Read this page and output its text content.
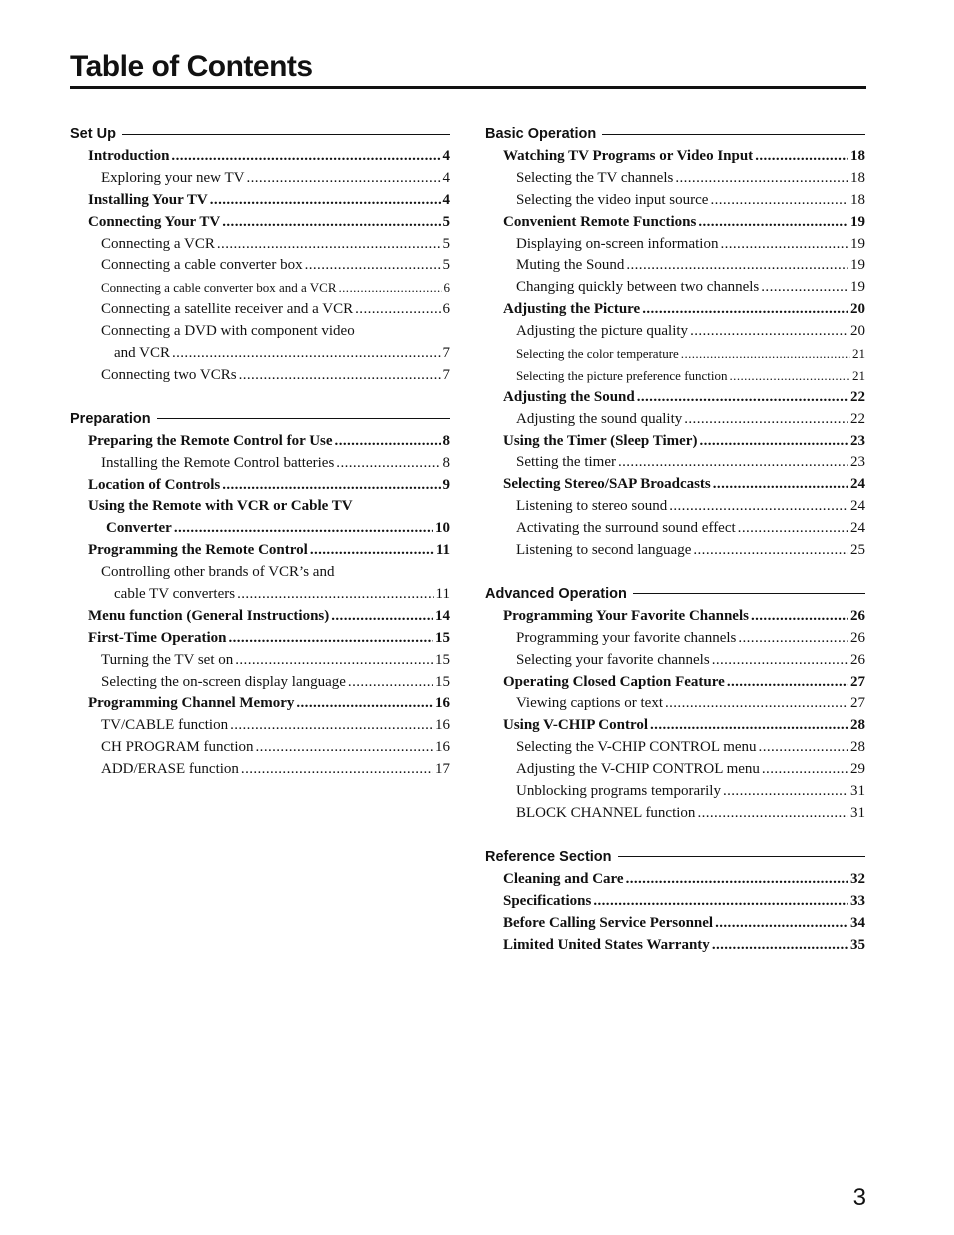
Table of Contents
Set Up
Introduction .....	4
Exploring your new TV .....	4
Installing Your TV .....	4
Connecting Your TV .....	5
Connecting a VCR .....	5
Connecting a cable converter box .....	5
Connecting a cable converter box and a VCR .....	6
Connecting a satellite receiver and a VCR .....	6
Connecting a DVD with component video
and VCR .....	7
Connecting two VCRs .....	7
Preparation
Preparing the Remote Control for Use .....	8
Installing the Remote Control batteries .....	8
Location of Controls .....	9
Using the Remote with VCR or Cable TV
Converter .....	10
Programming the Remote Control .....	11
Controlling other brands of VCR’s and
cable TV converters .....	11
Menu function (General Instructions) .....	14
First-Time Operation .....	15
Turning the TV set on .....	15
Selecting the on-screen display language .....	15
Programming Channel Memory .....	16
TV/CABLE function .....	16
CH PROGRAM function .....	16
ADD/ERASE function .....	17
Basic Operation
Watching TV Programs or Video Input .....	18
Selecting the TV channels .....	18
Selecting the video input source .....	18
Convenient Remote Functions .....	19
Displaying on-screen information .....	19
Muting the Sound .....	19
Changing quickly between two channels .....	19
Adjusting the Picture .....	20
Adjusting the picture quality .....	20
Selecting the color temperature .....	21
Selecting the picture preference function .....	21
Adjusting the Sound .....	22
Adjusting the sound quality .....	22
Using the Timer (Sleep Timer) .....	23
Setting the timer .....	23
Selecting Stereo/SAP Broadcasts .....	24
Listening to stereo sound .....	24
Activating the surround sound effect .....	24
Listening to second language .....	25
Advanced Operation
Programming Your Favorite Channels .....	26
Programming your favorite channels .....	26
Selecting your favorite channels .....	26
Operating Closed Caption Feature .....	27
Viewing captions or text .....	27
Using V-CHIP Control .....	28
Selecting the V-CHIP CONTROL menu .....	28
Adjusting the V-CHIP CONTROL menu .....	29
Unblocking programs temporarily .....	31
BLOCK CHANNEL function .....	31
Reference Section
Cleaning and Care .....	32
Specifications .....	33
Before Calling Service Personnel .....	34
Limited United States Warranty .....	35
3
